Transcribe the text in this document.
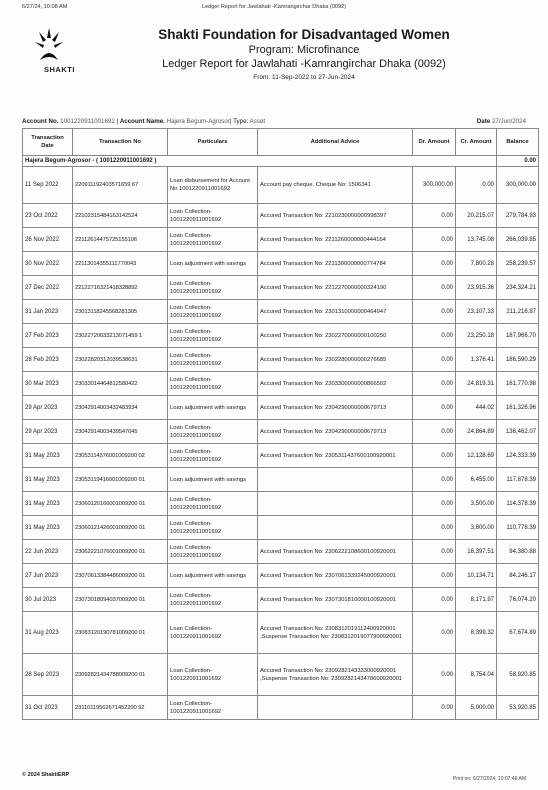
6/27/24, 10:08 AM	Ledger Report for Jawlahati -Kamrangirchar Dhaka (0092)
SHAKTI
Shakti Foundation for Disadvantaged Women
Program: Microfinance
Ledger Report for Jawlahati -Kamrangirchar Dhaka (0092)
From: 11-Sep-2022 to 27-Jun-2024
Account No. 1001220911001692 | Account Name. Hajera Begum-Agrosor| Type: Asset	Date 27/Jun/2024
Transaction Date	Transaction No	Particulars	Additional Advice	Dr. Amount	Cr. Amount	Balance
Hajera Begum-Agrosor - ( 1001220911001692 )						0.00
11 Sep 2022	220911192403571659 67	Loan disbursement for Account No 1001220911001692	Account pay cheque. Cheque No: 1506341	300,000.00	0.00	300,000.00
23 Oct 2022	22102315484163142524	Loan Collection- 1001220911001692	Accured Transaction No: 2210230000000998397	0.00	20,215.07	279,784.93
26 Nov 2022	22112614475725155106	Loan Collection- 1001220911001692	Accured Transaction No: 2211260000000444164	0.00	13,745.08	266,039.85
30 Nov 2022	22113014355111770043	Loan adjustment with savings	Accured Transaction No: 2211300000000774784	0.00	7,800.28	258,239.57
27 Dec 2022	22122716321418328892	Loan Collection- 1001220911001692	Accured Transaction No: 2212270000000324190	0.00	23,915.36	234,324.21
31 Jan 2023	23013118245568281305	Loan Collection- 1001220911001692	Accured Transaction No: 2301310000000464947	0.00	23,107.33	211,216.87
27 Feb 2023	23022720033213071459 1	Loan Collection- 1001220911001692	Accured Transaction No: 2302270000000100250	0.00	23,250.18	187,966.70
28 Feb 2023	23022820312039538631	Loan Collection- 1001220911001692	Accured Transaction No: 2302280000000276685	0.00	1,376.41	186,590.29
30 Mar 2023	23033014464812580422	Loan Collection- 1001220911001692	Accured Transaction No: 2303300000000866502	0.00	24,819.31	161,770.98
29 Apr 2023	23042914003432483934	Loan adjustment with savings	Accured Transaction No: 2304290000000679713	0.00	444.02	161,326.96
29 Apr 2023	23042914003439547045	Loan Collection- 1001220911001692	Accured Transaction No: 2304290000000679713	0.00	24,864.89	136,462.07
31 May 2023	23053114376001009200 02	Loan Collection- 1001220911001692	Accured Transaction No: 2305311437600100920001	0.00	12,128.69	124,333.39
31 May 2023	23053119416001009200 01	Loan adjustment with savings		0.00	6,455.00	117,878.39
31 May 2023	23060120166001009200 01	Loan Collection- 1001220911001692		0.00	3,500.00	114,378.39
31 May 2023	23060121426001009200 01	Loan Collection- 1001220911001692		0.00	3,600.00	110,778.39
22 Jun 2023	23062221076001009200 01	Loan Collection- 1001220911001692	Accured Transaction No: 2306222108600100920001	0.00	16,397.51	94,380.88
27 Jun 2023	23070613384486009200 01	Loan adjustment with savings	Accured Transaction No: 2307061339245000920001	0.00	10,134.71	84,246.17
30 Jul 2023	23073018094037009200 01	Loan Collection- 1001220911001692	Accured Transaction No: 2307301810000100920001	0.00	8,171.97	76,074.20
31 Aug 2023	23083120190781009200 01	Loan Collection- 1001220911001692	Accured Transaction No: 2308312019112400920001 ,Suspense Transaction No: 2308312019077900920001	0.00	8,399.32	67,674.89
28 Sep 2023	23092821434788009200 01	Loan Collection- 1001220911001692	Accured Transaction No: 2309282143333000920001 ,Suspense Transaction No: 2309282143478600920001	0.00	8,754.04	58,920.85
31 Oct 2023	23110119562671452200 92	Loan Collection- 1001220911001692		0.00	5,000.00	53,920.85
© 2024 ShaktiERP
Print on: 6/27/2024, 10:07:46 AM
